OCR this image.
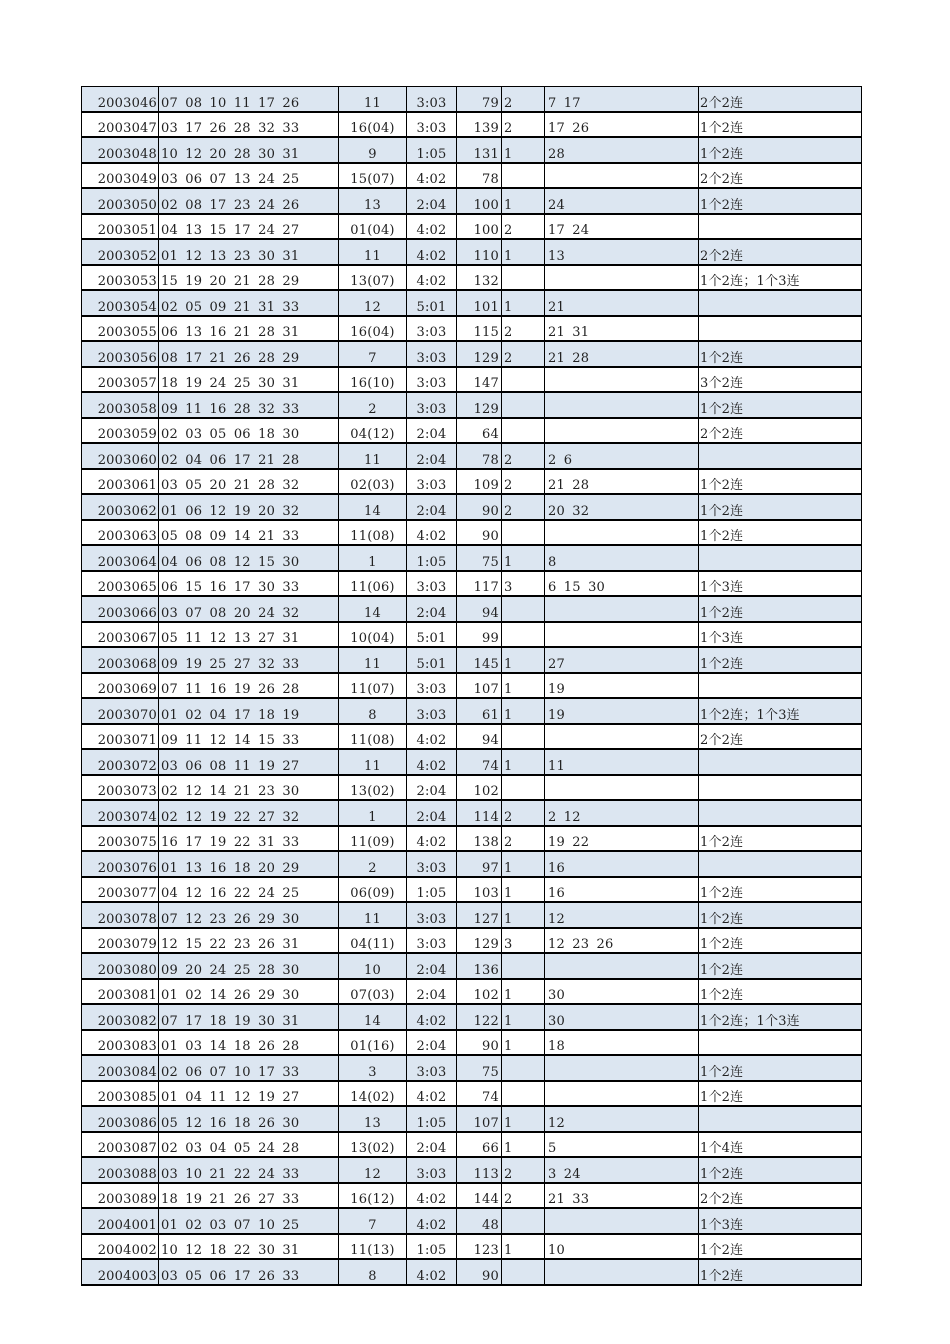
2003046	07 08 10 11 17 26	11	3:03	79	2	7 17	2个2连
2003047	03 17 26 28 32 33	16(04)	3:03	139	2	17 26	1个2连
2003048	10 12 20 28 30 31	9	1:05	131	1	28	1个2连
2003049	03 06 07 13 24 25	15(07)	4:02	78			2个2连
2003050	02 08 17 23 24 26	13	2:04	100	1	24	1个2连
2003051	04 13 15 17 24 27	01(04)	4:02	100	2	17 24	
2003052	01 12 13 23 30 31	11	4:02	110	1	13	2个2连
2003053	15 19 20 21 28 29	13(07)	4:02	132			1个2连；1个3连
2003054	02 05 09 21 31 33	12	5:01	101	1	21	
2003055	06 13 16 21 28 31	16(04)	3:03	115	2	21 31	
2003056	08 17 21 26 28 29	7	3:03	129	2	21 28	1个2连
2003057	18 19 24 25 30 31	16(10)	3:03	147			3个2连
2003058	09 11 16 28 32 33	2	3:03	129			1个2连
2003059	02 03 05 06 18 30	04(12)	2:04	64			2个2连
2003060	02 04 06 17 21 28	11	2:04	78	2	2 6	
2003061	03 05 20 21 28 32	02(03)	3:03	109	2	21 28	1个2连
2003062	01 06 12 19 20 32	14	2:04	90	2	20 32	1个2连
2003063	05 08 09 14 21 33	11(08)	4:02	90			1个2连
2003064	04 06 08 12 15 30	1	1:05	75	1	8	
2003065	06 15 16 17 30 33	11(06)	3:03	117	3	6 15 30	1个3连
2003066	03 07 08 20 24 32	14	2:04	94			1个2连
2003067	05 11 12 13 27 31	10(04)	5:01	99			1个3连
2003068	09 19 25 27 32 33	11	5:01	145	1	27	1个2连
2003069	07 11 16 19 26 28	11(07)	3:03	107	1	19	
2003070	01 02 04 17 18 19	8	3:03	61	1	19	1个2连；1个3连
2003071	09 11 12 14 15 33	11(08)	4:02	94			2个2连
2003072	03 06 08 11 19 27	11	4:02	74	1	11	
2003073	02 12 14 21 23 30	13(02)	2:04	102			
2003074	02 12 19 22 27 32	1	2:04	114	2	2 12	
2003075	16 17 19 22 31 33	11(09)	4:02	138	2	19 22	1个2连
2003076	01 13 16 18 20 29	2	3:03	97	1	16	
2003077	04 12 16 22 24 25	06(09)	1:05	103	1	16	1个2连
2003078	07 12 23 26 29 30	11	3:03	127	1	12	1个2连
2003079	12 15 22 23 26 31	04(11)	3:03	129	3	12 23 26	1个2连
2003080	09 20 24 25 28 30	10	2:04	136			1个2连
2003081	01 02 14 26 29 30	07(03)	2:04	102	1	30	1个2连
2003082	07 17 18 19 30 31	14	4:02	122	1	30	1个2连；1个3连
2003083	01 03 14 18 26 28	01(16)	2:04	90	1	18	
2003084	02 06 07 10 17 33	3	3:03	75			1个2连
2003085	01 04 11 12 19 27	14(02)	4:02	74			1个2连
2003086	05 12 16 18 26 30	13	1:05	107	1	12	
2003087	02 03 04 05 24 28	13(02)	2:04	66	1	5	1个4连
2003088	03 10 21 22 24 33	12	3:03	113	2	3 24	1个2连
2003089	18 19 21 26 27 33	16(12)	4:02	144	2	21 33	2个2连
2004001	01 02 03 07 10 25	7	4:02	48			1个3连
2004002	10 12 18 22 30 31	11(13)	1:05	123	1	10	1个2连
2004003	03 05 06 17 26 33	8	4:02	90			1个2连
